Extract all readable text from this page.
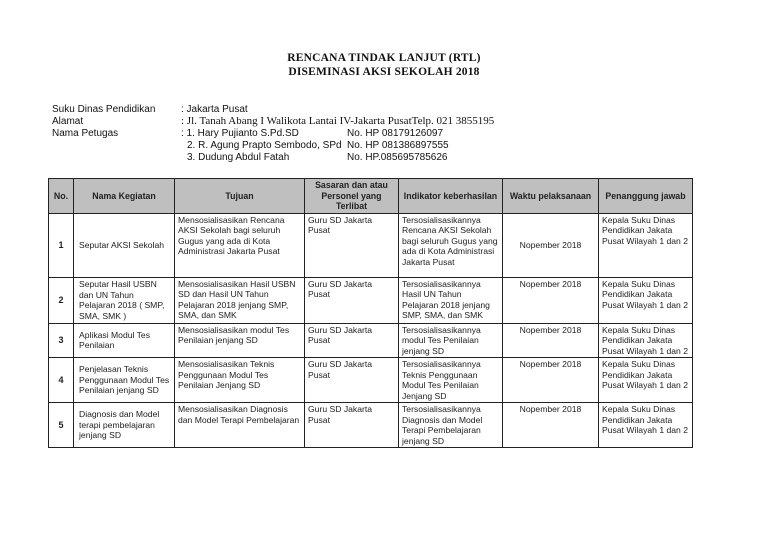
RENCANA TINDAK LANJUT (RTL)
DISEMINASI AKSI SEKOLAH 2018
Suku Dinas Pendidikan	: Jakarta Pusat
Alamat	: Jl. Tanah Abang I Walikota Lantai IV-Jakarta PusatTelp. 021 3855195
Nama Petugas	: 1. Hary Pujianto S.Pd.SD	No. HP 08179126097
2. R. Agung Prapto Sembodo, SPd No. HP 081386897555
3. Dudung Abdul Fatah	No. HP.085695785626
No.	Nama Kegiatan	Tujuan	Sasaran dan atau Personel yang Terlibat	Indikator keberhasilan	Waktu pelaksanaan	Penanggung jawab
1	Seputar AKSI Sekolah	Mensosialisasikan Rencana AKSI Sekolah bagi seluruh Gugus yang ada di Kota Administrasi Jakarta Pusat	Guru SD Jakarta Pusat	Tersosialisasikannya Rencana AKSI Sekolah bagi seluruh Gugus yang ada di Kota Administrasi Jakarta Pusat	Nopember 2018	Kepala Suku Dinas Pendidikan Jakata Pusat Wilayah 1 dan 2
2	Seputar Hasil USBN dan UN Tahun Pelajaran 2018 ( SMP, SMA, SMK )	Mensosialisasikan Hasil USBN SD dan Hasil UN Tahun Pelajaran 2018 jenjang SMP, SMA, dan SMK	Guru SD Jakarta Pusat	Tersosialisasikannya Hasil UN Tahun Pelajaran 2018 jenjang SMP, SMA, dan SMK	Nopember 2018	Kepala Suku Dinas Pendidikan Jakata Pusat Wilayah 1 dan 2
3	Aplikasi Modul Tes Penilaian	Mensosialisasikan modul Tes Penilaian jenjang SD	Guru SD Jakarta Pusat	Tersosialisasikannya modul Tes Penilaian jenjang SD	Nopember 2018	Kepala Suku Dinas Pendidikan Jakata Pusat Wilayah 1 dan 2
4	Penjelasan Teknis Penggunaan Modul Tes Penilaian jenjang SD	Mensosialisasikan Teknis Penggunaan Modul Tes Penilaian Jenjang SD	Guru SD Jakarta Pusat	Tersosialisasikannya Teknis Penggunaan Modul Tes Penilaian Jenjang SD	Nopember 2018	Kepala Suku Dinas Pendidikan Jakata Pusat Wilayah 1 dan 2
5	Diagnosis dan Model terapi pembelajaran jenjang SD	Mensosialisasikan Diagnosis dan Model Terapi Pembelajaran	Guru SD Jakarta Pusat	Tersosialisasikannya Diagnosis dan Model Terapi Pembelajaran jenjang SD	Nopember 2018	Kepala Suku Dinas Pendidikan Jakata Pusat Wilayah 1 dan 2
